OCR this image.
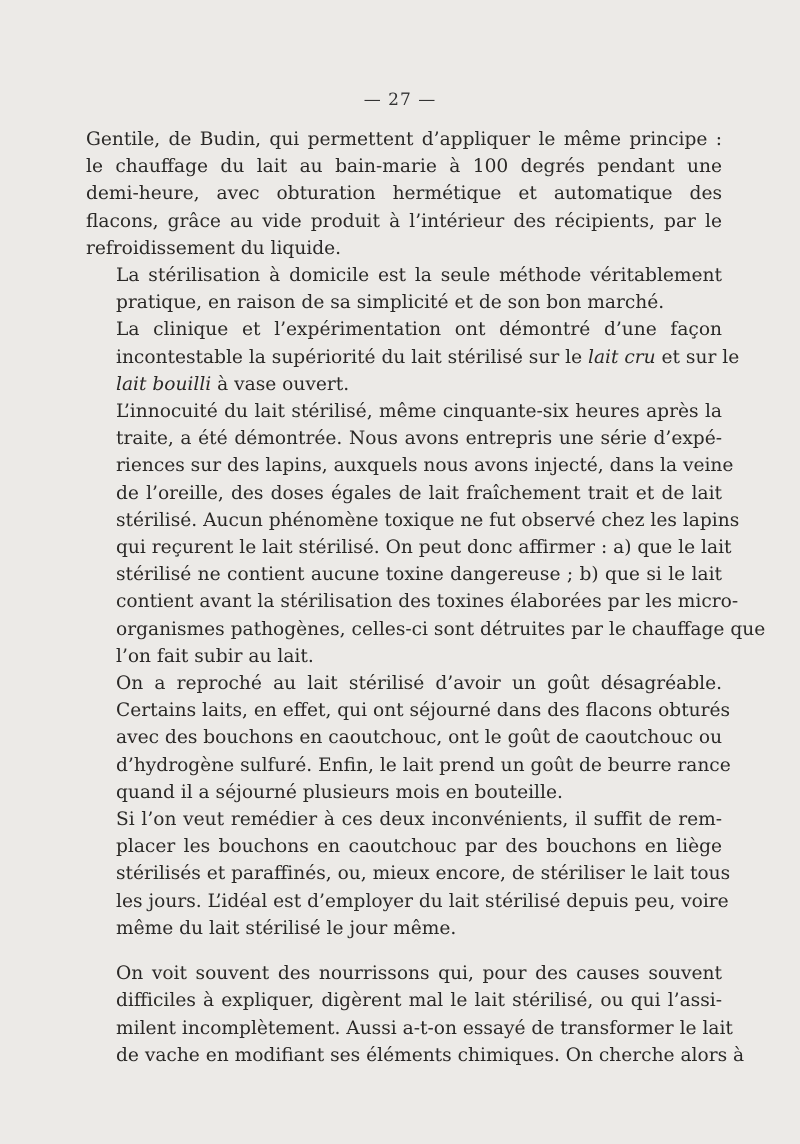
— 27 —

Gentile, de Budin, qui permettent d’appliquer le même principe :
le chauffage du lait au bain-marie à 100 degrés pendant une
demi-heure, avec obturation hermétique et automatique des
flacons, grâce au vide produit à l’intérieur des récipients, par le
refroidissement du liquide.

La stérilisation à domicile est la seule méthode véritablement
pratique, en raison de sa simplicité et de son bon marché.

La clinique et l’expérimentation ont démontré d’une façon
incontestable la supériorité du lait stérilisé sur le lait cru et sur le
lait bouilli à vase ouvert.

L’innocuité du lait stérilisé, même cinquante-six heures après la
traite, a été démontrée. Nous avons entrepris une série d’expé-
riences sur des lapins, auxquels nous avons injecté, dans la veine
de l’oreille, des doses égales de lait fraîchement trait et de lait
stérilisé. Aucun phénomène toxique ne fut observé chez les lapins
qui reçurent le lait stérilisé. On peut donc affirmer : a) que le lait
stérilisé ne contient aucune toxine dangereuse ; b) que si le lait
contient avant la stérilisation des toxines élaborées par les micro-
organismes pathogènes, celles-ci sont détruites par le chauffage que
l’on fait subir au lait.

On a reproché au lait stérilisé d’avoir un goût désagréable.
Certains laits, en effet, qui ont séjourné dans des flacons obturés
avec des bouchons en caoutchouc, ont le goût de caoutchouc ou
d’hydrogène sulfuré. Enfin, le lait prend un goût de beurre rance
quand il a séjourné plusieurs mois en bouteille.

Si l’on veut remédier à ces deux inconvénients, il suffit de rem-
placer les bouchons en caoutchouc par des bouchons en liège
stérilisés et paraffinés, ou, mieux encore, de stériliser le lait tous
les jours. L’idéal est d’employer du lait stérilisé depuis peu, voire
même du lait stérilisé le jour même.

On voit souvent des nourrissons qui, pour des causes souvent
difficiles à expliquer, digèrent mal le lait stérilisé, ou qui l’assi-
milent incomplètement. Aussi a-t-on essayé de transformer le lait
de vache en modifiant ses éléments chimiques. On cherche alors à
